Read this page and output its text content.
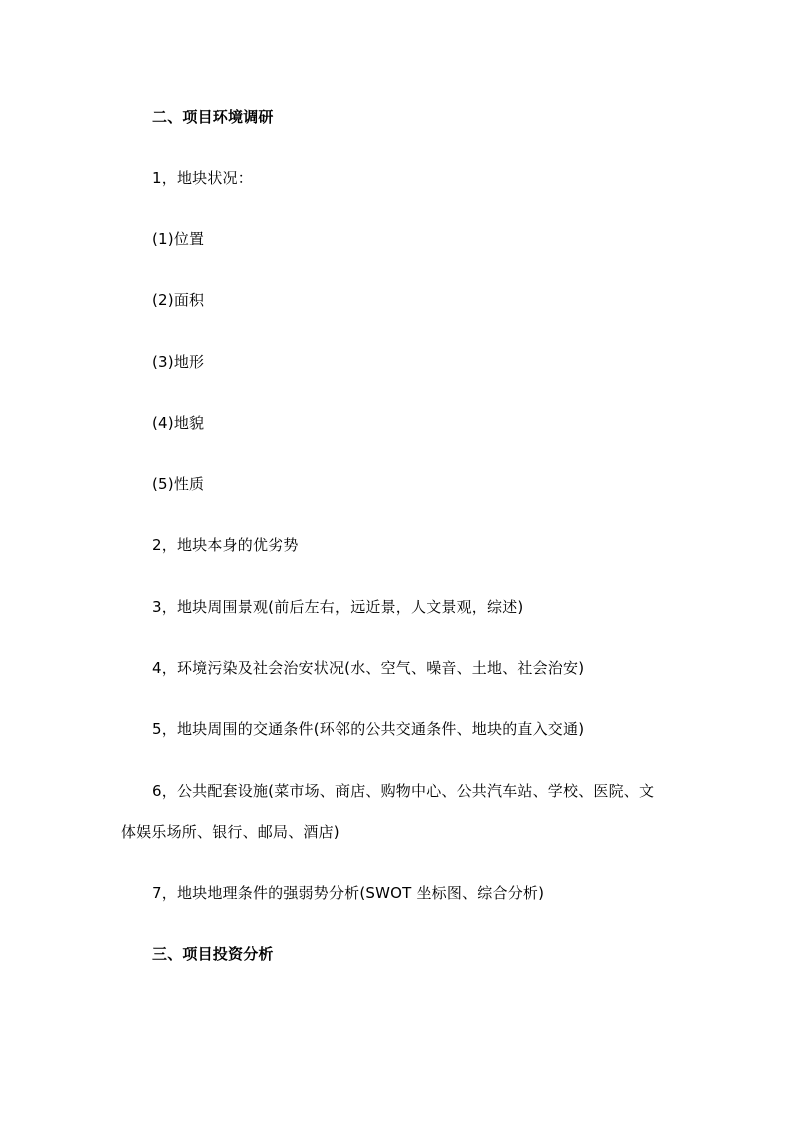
二、项目环境调研
1，地块状况：
(1)位置
(2)面积
(3)地形
(4)地貌
(5)性质
2，地块本身的优劣势
3，地块周围景观(前后左右，远近景，人文景观，综述)
4，环境污染及社会治安状况(水、空气、噪音、土地、社会治安)
5，地块周围的交通条件(环邻的公共交通条件、地块的直入交通)
6，公共配套设施(菜市场、商店、购物中心、公共汽车站、学校、医院、文
体娱乐场所、银行、邮局、酒店)
7，地块地理条件的强弱势分析(SWOT 坐标图、综合分析)
三、项目投资分析
